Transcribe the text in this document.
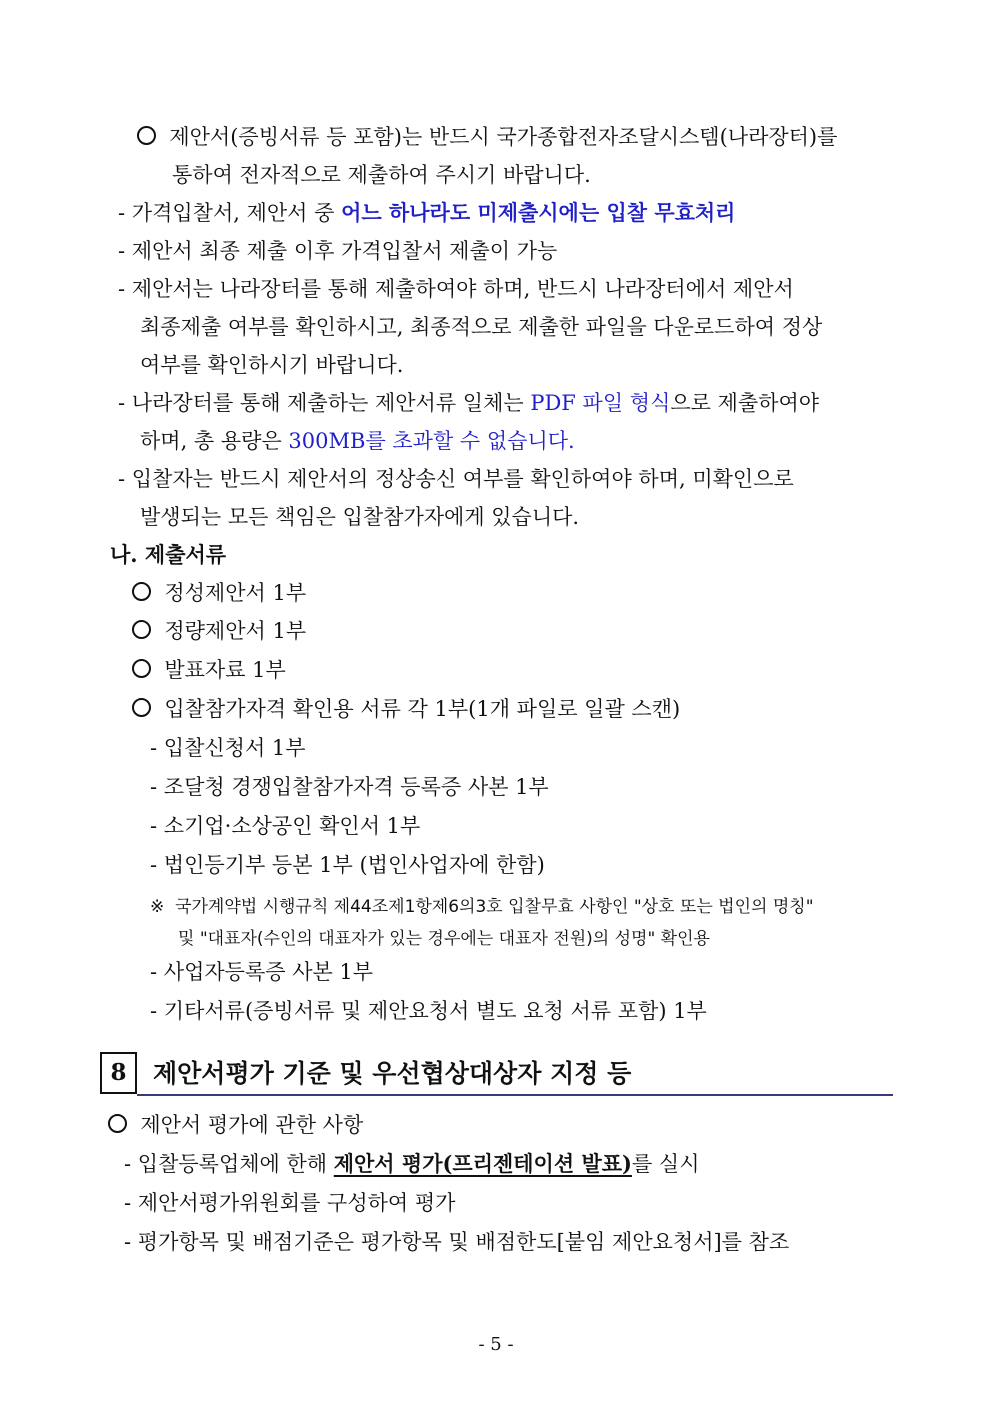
제안서(증빙서류 등 포함)는 반드시 국가종합전자조달시스템(나라장터)를
통하여 전자적으로 제출하여 주시기 바랍니다.
- 가격입찰서, 제안서 중 어느 하나라도 미제출시에는 입찰 무효처리
- 제안서 최종 제출 이후 가격입찰서 제출이 가능
- 제안서는 나라장터를 통해 제출하여야 하며, 반드시 나라장터에서 제안서
최종제출 여부를 확인하시고, 최종적으로 제출한 파일을 다운로드하여 정상
여부를 확인하시기 바랍니다.
- 나라장터를 통해 제출하는 제안서류 일체는 PDF 파일 형식으로 제출하여야
하며, 총 용량은 300MB를 초과할 수 없습니다.
- 입찰자는 반드시 제안서의 정상송신 여부를 확인하여야 하며, 미확인으로
발생되는 모든 책임은 입찰참가자에게 있습니다.
나. 제출서류
정성제안서 1부
정량제안서 1부
발표자료 1부
입찰참가자격 확인용 서류 각 1부(1개 파일로 일괄 스캔)
- 입찰신청서 1부
- 조달청 경쟁입찰참가자격 등록증 사본 1부
- 소기업·소상공인 확인서 1부
- 법인등기부 등본 1부 (법인사업자에 한함)
※ 국가계약법 시행규칙 제44조제1항제6의3호 입찰무효 사항인 "상호 또는 법인의 명칭"
및 "대표자(수인의 대표자가 있는 경우에는 대표자 전원)의 성명" 확인용
- 사업자등록증 사본 1부
- 기타서류(증빙서류 및 제안요청서 별도 요청 서류 포함) 1부
8	제안서평가 기준 및 우선협상대상자 지정 등
제안서 평가에 관한 사항
- 입찰등록업체에 한해 제안서 평가(프리젠테이션 발표)를 실시
- 제안서평가위원회를 구성하여 평가
- 평가항목 및 배점기준은 평가항목 및 배점한도[붙임 제안요청서]를 참조
- 5 -
